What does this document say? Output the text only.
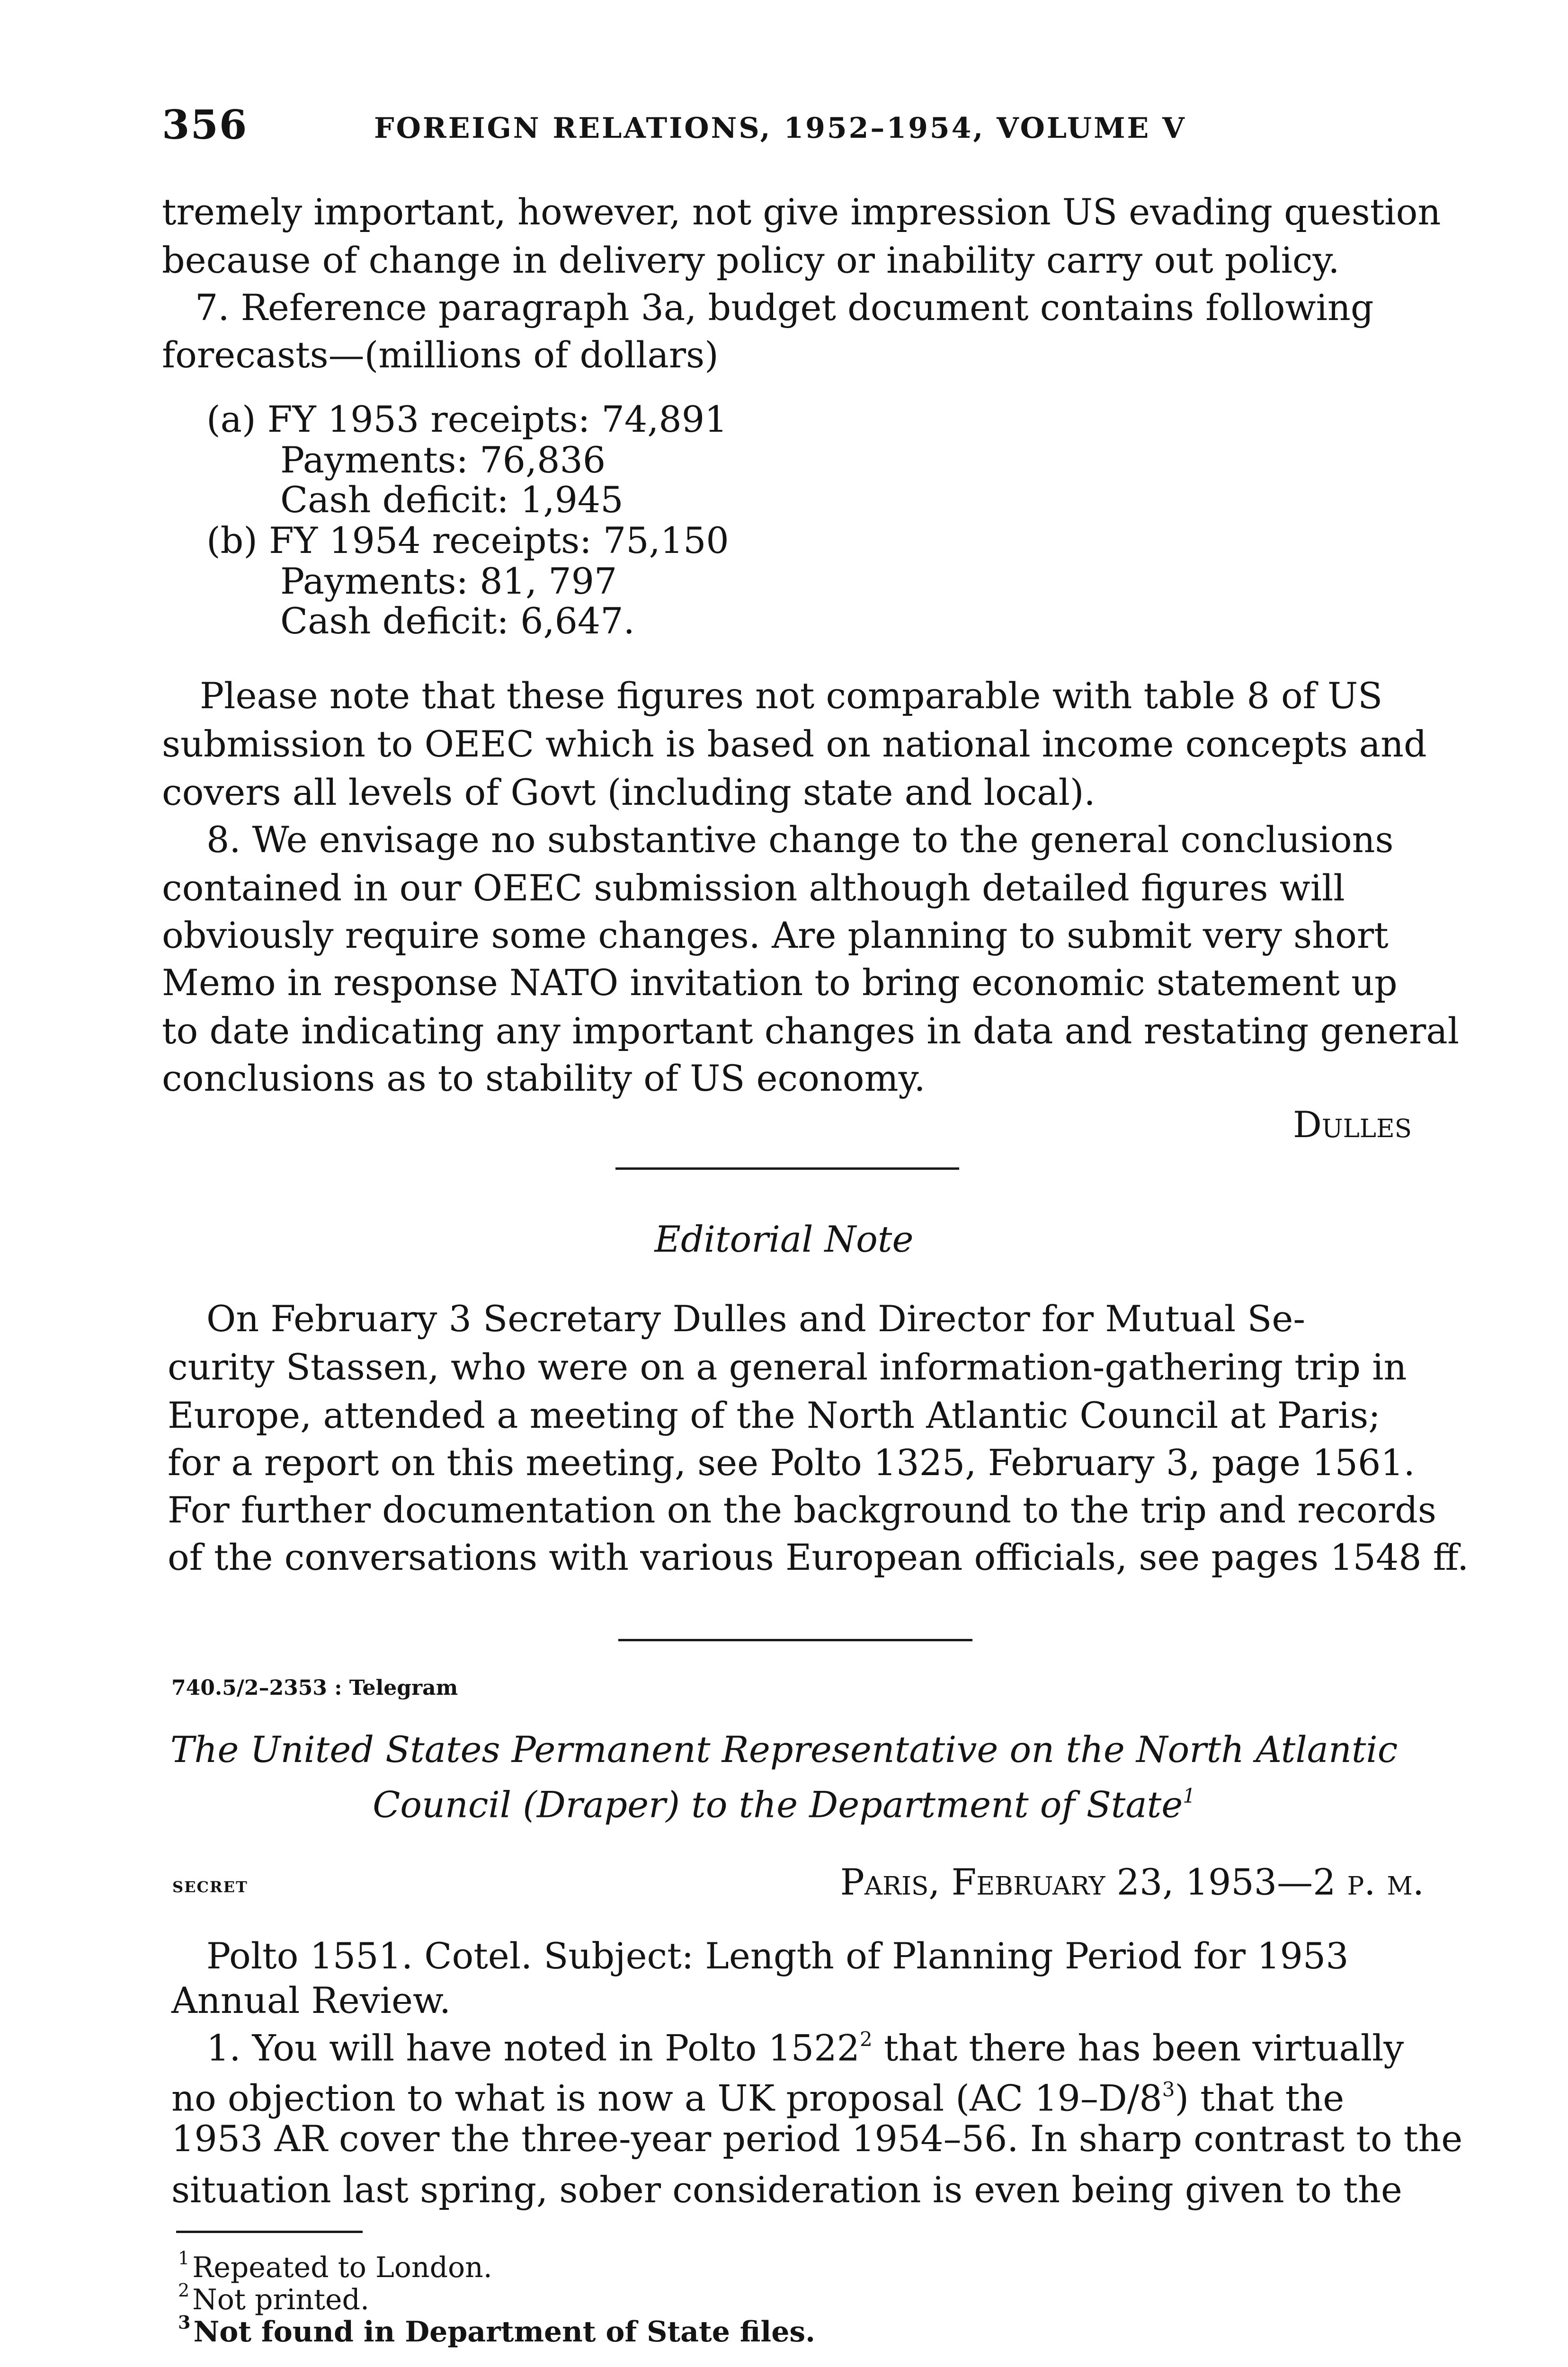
356	FOREIGN RELATIONS, 1952–1954, VOLUME V
tremely important, however, not give impression US evading question
because of change in delivery policy or inability carry out policy.
7. Reference paragraph 3a, budget document contains following
forecasts—(millions of dollars)
(a) FY 1953 receipts: 74,891
Payments: 76,836
Cash deficit: 1,945
(b) FY 1954 receipts: 75,150
Payments: 81, 797
Cash deficit: 6,647.
Please note that these figures not comparable with table 8 of US
submission to OEEC which is based on national income concepts and
covers all levels of Govt (including state and local).
8. We envisage no substantive change to the general conclusions
contained in our OEEC submission although detailed figures will
obviously require some changes. Are planning to submit very short
Memo in response NATO invitation to bring economic statement up
to date indicating any important changes in data and restating general
conclusions as to stability of US economy.
Dulles
Editorial Note
On February 3 Secretary Dulles and Director for Mutual Se-
curity Stassen, who were on a general information-gathering trip in
Europe, attended a meeting of the North Atlantic Council at Paris;
for a report on this meeting, see Polto 1325, February 3, page 1561.
For further documentation on the background to the trip and records
of the conversations with various European officials, see pages 1548 ff.
740.5/2–2353 : Telegram
The United States Permanent Representative on the North Atlantic
Council (Draper) to the Department of State$^1$
secret	Paris, February 23, 1953—2 p. m.
Polto 1551. Cotel. Subject: Length of Planning Period for 1953
Annual Review.
1. You will have noted in Polto 1522$^2$ that there has been virtually
no objection to what is now a UK proposal (AC 19–D/8$^3$) that the
1953 AR cover the three-year period 1954–56. In sharp contrast to the
situation last spring, sober consideration is even being given to the
$^1$ Repeated to London.
$^2$ Not printed.
$^3$ Not found in Department of State files.
